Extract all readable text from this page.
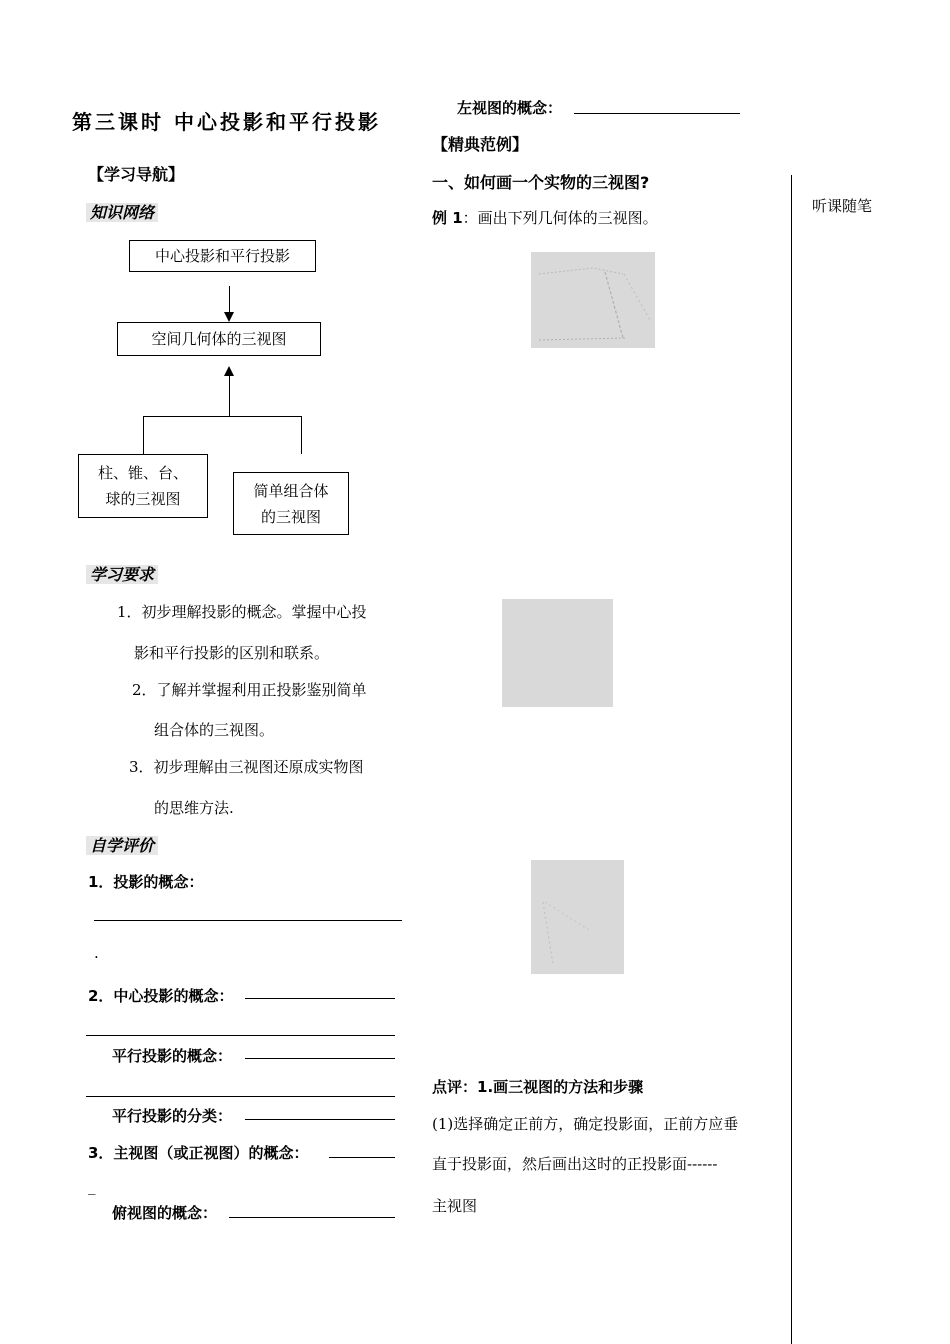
第三课时 中心投影和平行投影
【学习导航】
知识网络
中心投影和平行投影
空间几何体的三视图
柱、锥、台、
球的三视图	简单组合体
的三视图
学习要求
1．初步理解投影的概念。掌握中心投
影和平行投影的区别和联系。
2．了解并掌握利用正投影鉴别简单
组合体的三视图。
3．初步理解由三视图还原成实物图
的思维方法.
自学评价
1．投影的概念：
.
2．中心投影的概念：
平行投影的概念：
平行投影的分类：
3．主视图（或正视图）的概念：
_
俯视图的概念：
左视图的概念：
【精典范例】
一、如何画一个实物的三视图?
例 1：画出下列几何体的三视图。
点评：1.画三视图的方法和步骤
(1)选择确定正前方，确定投影面，正前方应垂
直于投影面，然后画出这时的正投影面------
主视图
听课随笔
